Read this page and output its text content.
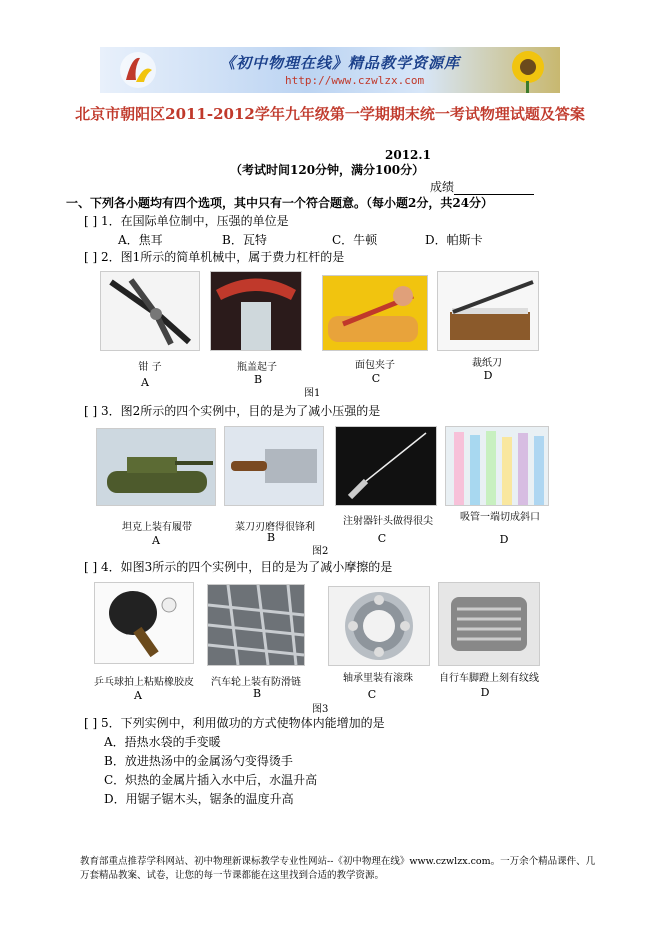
《初中物理在线》精品教学资源库
http://www.czwlzx.com
北京市朝阳区2011-2012学年九年级第一学期期末统一考试物理试题及答案
2012.1
（考试时间120分钟，满分100分）
成绩
一、下列各小题均有四个选项，其中只有一个符合题意。（每小题2分，共24分）
[ ] 1．在国际单位制中，压强的单位是
A．焦耳	B．瓦特	C．牛顿	D．帕斯卡
[ ] 2．图1所示的简单机械中，属于费力杠杆的是
钳 子	瓶盖起子	面包夹子	裁纸刀
A	B	C	D
图1
[ ] 3．图2所示的四个实例中，目的是为了减小压强的是
坦克上装有履带	菜刀刃磨得很锋利
注射器针头做得很尖	吸管一端切成斜口
A	B	C	D
图2
[ ] 4．如图3所示的四个实例中，目的是为了减小摩擦的是
乒乓球拍上粘贴橡胶皮	汽车轮上装有防滑链	轴承里装有滚珠	自行车脚蹬上刻有纹线
A	B	C	D
图3
[ ] 5．下列实例中，利用做功的方式使物体内能增加的是
A．捂热水袋的手变暖
B．放进热汤中的金属汤勺变得烫手
C．炽热的金属片插入水中后，水温升高
D．用锯子锯木头，锯条的温度升高
教育部重点推荐学科网站、初中物理新课标教学专业性网站--《初中物理在线》www.czwlzx.com。一万余个精品课件、几万套精品教案、试卷，让您的每一节课都能在这里找到合适的教学资源。
